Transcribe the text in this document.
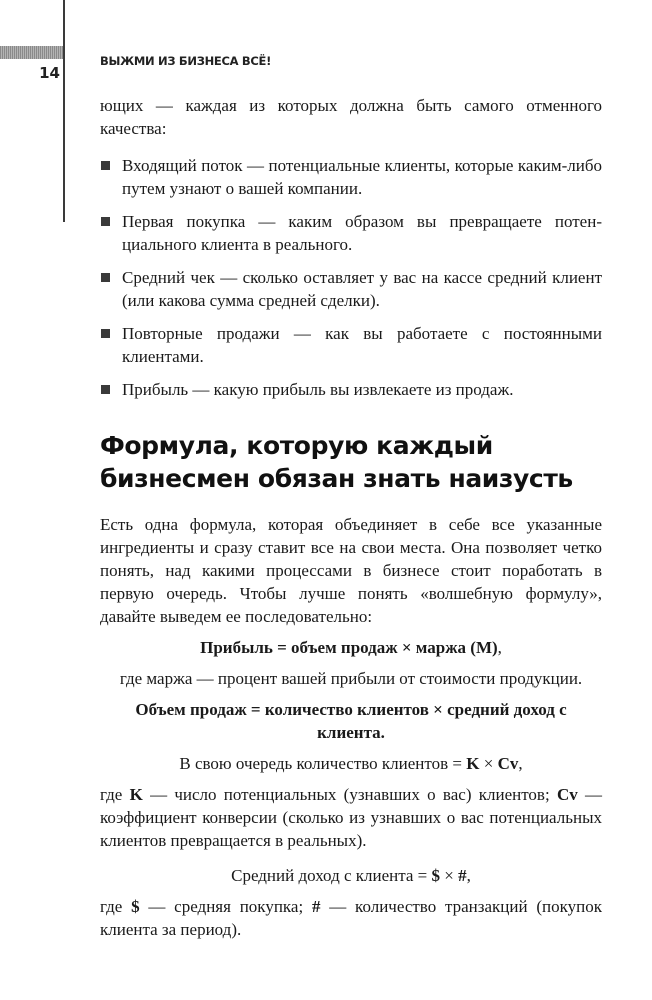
14
ВЫЖМИ ИЗ БИЗНЕСА ВСЁ!

ющих — каждая из которых должна быть самого отменного качества:

Входящий поток — потенциальные клиенты, которые каким-либо путем узнают о вашей компании.
Первая покупка — каким образом вы превращаете потенциального клиента в реального.
Средний чек — сколько оставляет у вас на кассе средний клиент (или какова сумма средней сделки).
Повторные продажи — как вы работаете с постоянными клиентами.
Прибыль — какую прибыль вы извлекаете из продаж.
Формула, которую каждый бизнесмен обязан знать наизусть

Есть одна формула, которая объединяет в себе все указанные ингредиенты и сразу ставит все на свои места. Она позволяет четко понять, над какими процессами в бизнесе стоит поработать в первую очередь. Чтобы лучше понять «волшебную формулу», давайте выведем ее последовательно:

Прибыль = объем продаж × маржа (М),

где маржа — процент вашей прибыли от стоимости продукции.

Объем продаж = количество клиентов × средний доход с клиента.

В свою очередь количество клиентов = K × Cv,

где K — число потенциальных (узнавших о вас) клиентов; Cv — коэффициент конверсии (сколько из узнавших о вас потенциальных клиентов превращается в реальных).

Средний доход с клиента = $ × #,

где $ — средняя покупка; # — количество транзакций (покупок клиента за период).
